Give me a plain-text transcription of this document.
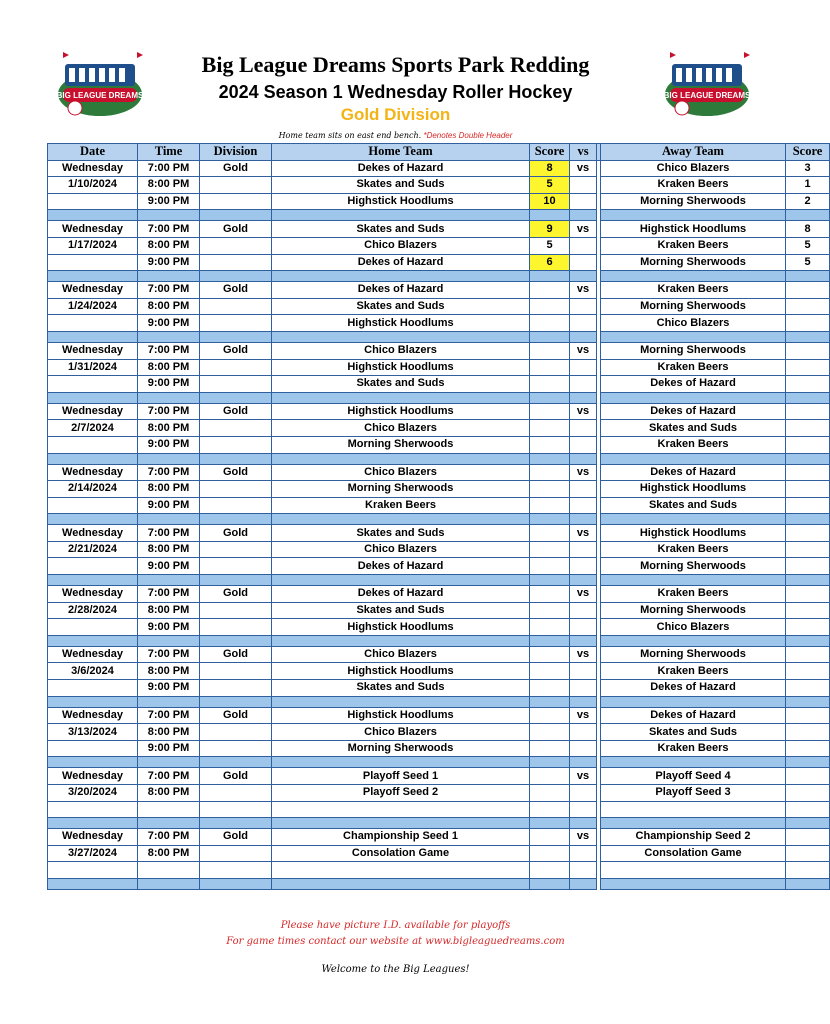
BIG LEAGUE DREAMS	BIG LEAGUE DREAMS
Big League Dreams Sports Park Redding
2024 Season 1 Wednesday Roller Hockey
Gold Division
Home team sits on east end bench. *Denotes Double Header
Date	Time	Division	Home Team	Score	vs		Away Team	Score
Wednesday	7:00 PM	Gold	Dekes of Hazard	8	vs		Chico Blazers	3
1/10/2024	8:00 PM		Skates and Suds	5			Kraken Beers	1
	9:00 PM		Highstick Hoodlums	10			Morning Sherwoods	2

Wednesday	7:00 PM	Gold	Skates and Suds	9	vs		Highstick Hoodlums	8
1/17/2024	8:00 PM		Chico Blazers	5			Kraken Beers	5
	9:00 PM		Dekes of Hazard	6			Morning Sherwoods	5

Wednesday	7:00 PM	Gold	Dekes of Hazard		vs		Kraken Beers	
1/24/2024	8:00 PM		Skates and Suds				Morning Sherwoods	
	9:00 PM		Highstick Hoodlums				Chico Blazers	

Wednesday	7:00 PM	Gold	Chico Blazers		vs		Morning Sherwoods	
1/31/2024	8:00 PM		Highstick Hoodlums				Kraken Beers	
	9:00 PM		Skates and Suds				Dekes of Hazard	

Wednesday	7:00 PM	Gold	Highstick Hoodlums		vs		Dekes of Hazard	
2/7/2024	8:00 PM		Chico Blazers				Skates and Suds	
	9:00 PM		Morning Sherwoods				Kraken Beers	

Wednesday	7:00 PM	Gold	Chico Blazers		vs		Dekes of Hazard	
2/14/2024	8:00 PM		Morning Sherwoods				Highstick Hoodlums	
	9:00 PM		Kraken Beers				Skates and Suds	

Wednesday	7:00 PM	Gold	Skates and Suds		vs		Highstick Hoodlums	
2/21/2024	8:00 PM		Chico Blazers				Kraken Beers	
	9:00 PM		Dekes of Hazard				Morning Sherwoods	

Wednesday	7:00 PM	Gold	Dekes of Hazard		vs		Kraken Beers	
2/28/2024	8:00 PM		Skates and Suds				Morning Sherwoods	
	9:00 PM		Highstick Hoodlums				Chico Blazers	

Wednesday	7:00 PM	Gold	Chico Blazers		vs		Morning Sherwoods	
3/6/2024	8:00 PM		Highstick Hoodlums				Kraken Beers	
	9:00 PM		Skates and Suds				Dekes of Hazard	

Wednesday	7:00 PM	Gold	Highstick Hoodlums		vs		Dekes of Hazard	
3/13/2024	8:00 PM		Chico Blazers				Skates and Suds	
	9:00 PM		Morning Sherwoods				Kraken Beers	

Wednesday	7:00 PM	Gold	Playoff Seed 1		vs		Playoff Seed 4	
3/20/2024	8:00 PM		Playoff Seed 2				Playoff Seed 3	

Wednesday	7:00 PM	Gold	Championship Seed 1		vs		Championship Seed 2	
3/27/2024	8:00 PM		Consolation Game				Consolation Game	

Please have picture I.D. available for playoffs
For game times contact our website at www.bigleaguedreams.com
Welcome to the Big Leagues!
